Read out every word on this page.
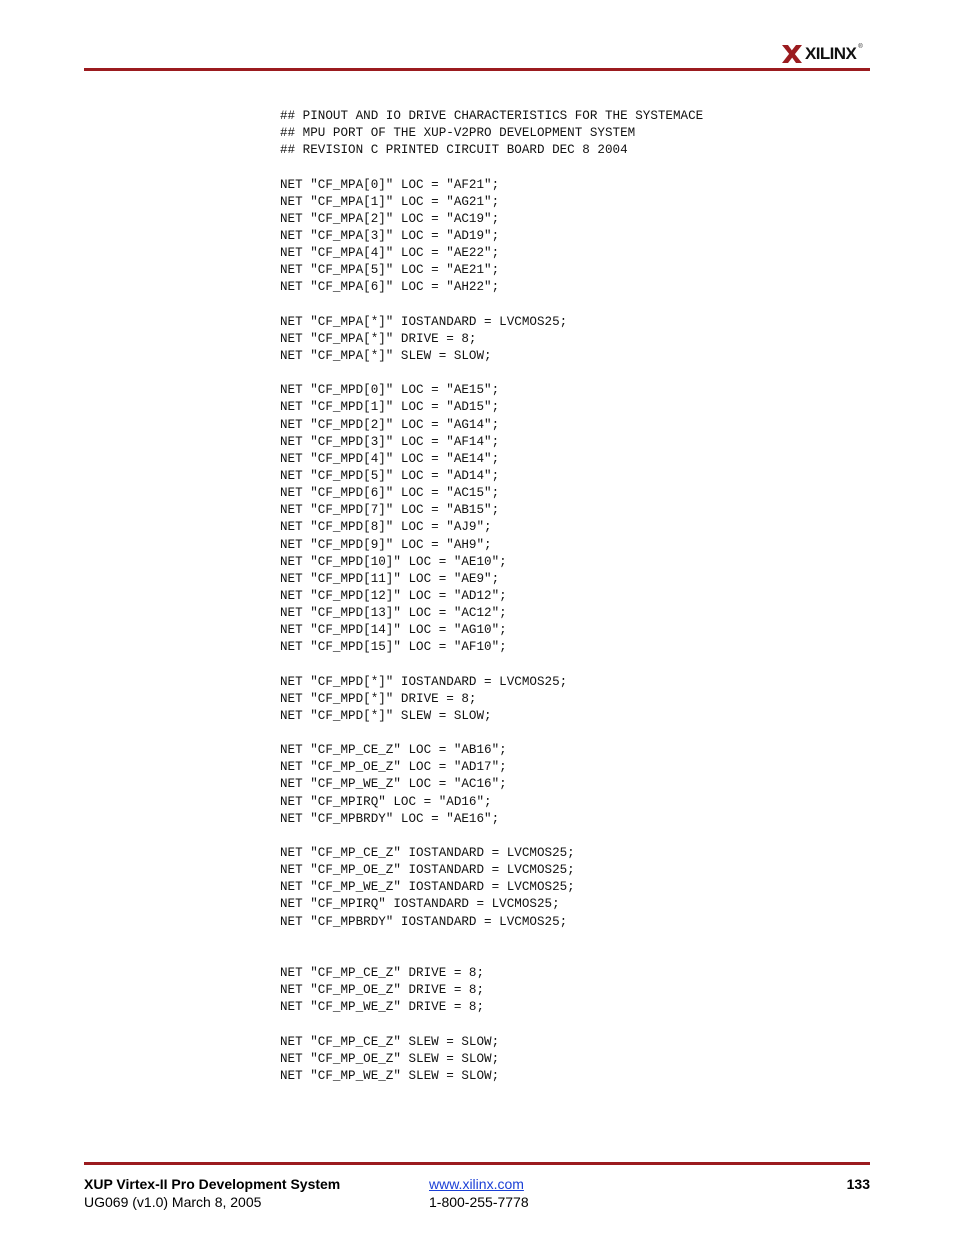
XILINX ®
## PINOUT AND IO DRIVE CHARACTERISTICS FOR THE SYSTEMACE
## MPU PORT OF THE XUP-V2PRO DEVELOPMENT SYSTEM
## REVISION C PRINTED CIRCUIT BOARD DEC 8 2004
NET "CF_MPA[0]" LOC = "AF21";
NET "CF_MPA[1]" LOC = "AG21";
NET "CF_MPA[2]" LOC = "AC19";
NET "CF_MPA[3]" LOC = "AD19";
NET "CF_MPA[4]" LOC = "AE22";
NET "CF_MPA[5]" LOC = "AE21";
NET "CF_MPA[6]" LOC = "AH22";
NET "CF_MPA[*]" IOSTANDARD = LVCMOS25;
NET "CF_MPA[*]" DRIVE = 8;
NET "CF_MPA[*]" SLEW = SLOW;
NET "CF_MPD[0]" LOC = "AE15";
NET "CF_MPD[1]" LOC = "AD15";
NET "CF_MPD[2]" LOC = "AG14";
NET "CF_MPD[3]" LOC = "AF14";
NET "CF_MPD[4]" LOC = "AE14";
NET "CF_MPD[5]" LOC = "AD14";
NET "CF_MPD[6]" LOC = "AC15";
NET "CF_MPD[7]" LOC = "AB15";
NET "CF_MPD[8]" LOC = "AJ9";
NET "CF_MPD[9]" LOC = "AH9";
NET "CF_MPD[10]" LOC = "AE10";
NET "CF_MPD[11]" LOC = "AE9";
NET "CF_MPD[12]" LOC = "AD12";
NET "CF_MPD[13]" LOC = "AC12";
NET "CF_MPD[14]" LOC = "AG10";
NET "CF_MPD[15]" LOC = "AF10";
NET "CF_MPD[*]" IOSTANDARD = LVCMOS25;
NET "CF_MPD[*]" DRIVE = 8;
NET "CF_MPD[*]" SLEW = SLOW;
NET "CF_MP_CE_Z" LOC = "AB16";
NET "CF_MP_OE_Z" LOC = "AD17";
NET "CF_MP_WE_Z" LOC = "AC16";
NET "CF_MPIRQ" LOC = "AD16";
NET "CF_MPBRDY" LOC = "AE16";
NET "CF_MP_CE_Z" IOSTANDARD = LVCMOS25;
NET "CF_MP_OE_Z" IOSTANDARD = LVCMOS25;
NET "CF_MP_WE_Z" IOSTANDARD = LVCMOS25;
NET "CF_MPIRQ" IOSTANDARD = LVCMOS25;
NET "CF_MPBRDY" IOSTANDARD = LVCMOS25;
NET "CF_MP_CE_Z" DRIVE = 8;
NET "CF_MP_OE_Z" DRIVE = 8;
NET "CF_MP_WE_Z" DRIVE = 8;
NET "CF_MP_CE_Z" SLEW = SLOW;
NET "CF_MP_OE_Z" SLEW = SLOW;
NET "CF_MP_WE_Z" SLEW = SLOW;
XUP Virtex-II Pro Development System
UG069 (v1.0) March 8, 2005
www.xilinx.com
1-800-255-7778
133
